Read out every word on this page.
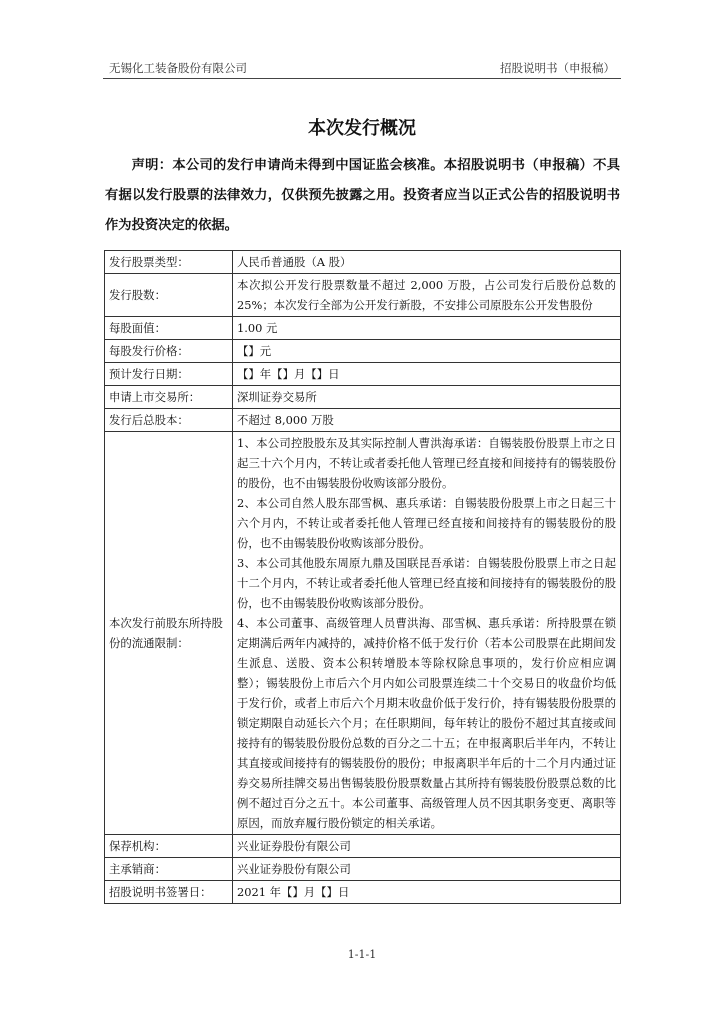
无锡化工装备股份有限公司	招股说明书（申报稿）
本次发行概况
声明：本公司的发行申请尚未得到中国证监会核准。本招股说明书（申报稿）不具有据以发行股票的法律效力，仅供预先披露之用。投资者应当以正式公告的招股说明书作为投资决定的依据。
发行股票类型：	人民币普通股（A 股）
发行股数：	本次拟公开发行股票数量不超过 2,000 万股，占公司发行后股份总数的 25%；本次发行全部为公开发行新股，不安排公司原股东公开发售股份
每股面值：	1.00 元
每股发行价格：	【】元
预计发行日期：	【】年【】月【】日
申请上市交易所：	深圳证券交易所
发行后总股本：	不超过 8,000 万股
本次发行前股东所持股份的流通限制：	1、本公司控股股东及其实际控制人曹洪海承诺：自锡装股份股票上市之日起三十六个月内，不转让或者委托他人管理已经直接和间接持有的锡装股份的股份，也不由锡装股份收购该部分股份。

2、本公司自然人股东邵雪枫、惠兵承诺：自锡装股份股票上市之日起三十六个月内，不转让或者委托他人管理已经直接和间接持有的锡装股份的股份，也不由锡装股份收购该部分股份。

3、本公司其他股东周原九鼎及国联昆吾承诺：自锡装股份股票上市之日起十二个月内，不转让或者委托他人管理已经直接和间接持有的锡装股份的股份，也不由锡装股份收购该部分股份。

4、本公司董事、高级管理人员曹洪海、邵雪枫、惠兵承诺：所持股票在锁定期满后两年内减持的，减持价格不低于发行价（若本公司股票在此期间发生派息、送股、资本公积转增股本等除权除息事项的，发行价应相应调整）；锡装股份上市后六个月内如公司股票连续二十个交易日的收盘价均低于发行价，或者上市后六个月期末收盘价低于发行价，持有锡装股份股票的锁定期限自动延长六个月；在任职期间，每年转让的股份不超过其直接或间接持有的锡装股份股份总数的百分之二十五；在申报离职后半年内，不转让其直接或间接持有的锡装股份的股份；申报离职半年后的十二个月内通过证券交易所挂牌交易出售锡装股份股票数量占其所持有锡装股份股票总数的比例不超过百分之五十。本公司董事、高级管理人员不因其职务变更、离职等原因，而放弃履行股份锁定的相关承诺。

保荐机构：	兴业证券股份有限公司
主承销商：	兴业证券股份有限公司
招股说明书签署日：	2021 年【】月【】日
1-1-1
